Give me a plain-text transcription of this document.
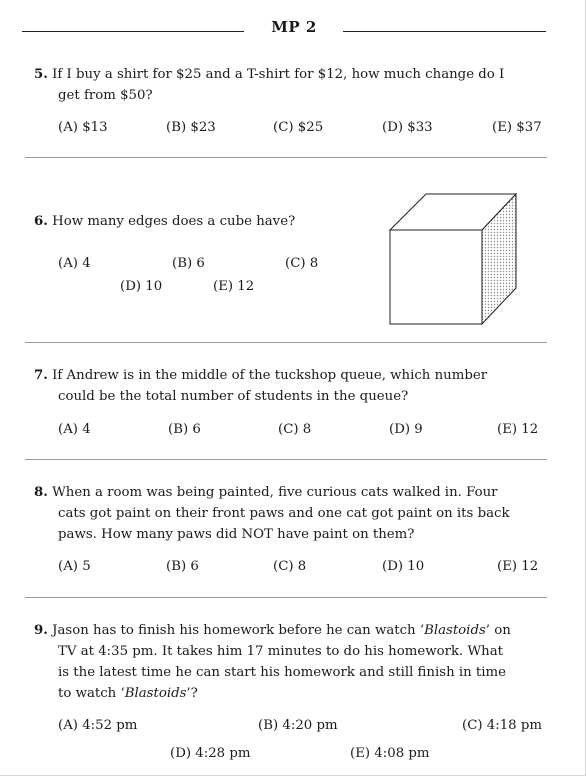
MP 2
5. If I buy a shirt for $25 and a T-shirt for $12, how much change do I
get from $50?
(A) $13	(B) $23	(C) $25	(D) $33	(E) $37
6. How many edges does a cube have?
(A) 4	(B) 6	(C) 8
(D) 10	(E) 12
7. If Andrew is in the middle of the tuckshop queue, which number
could be the total number of students in the queue?
(A) 4	(B) 6	(C) 8	(D) 9	(E) 12
8. When a room was being painted, five curious cats walked in. Four
cats got paint on their front paws and one cat got paint on its back
paws. How many paws did NOT have paint on them?
(A) 5	(B) 6	(C) 8	(D) 10	(E) 12
9. Jason has to finish his homework before he can watch ‘Blastoids’ on
TV at 4:35 pm. It takes him 17 minutes to do his homework. What
is the latest time he can start his homework and still finish in time
to watch ‘Blastoids’?
(A) 4:52 pm	(B) 4:20 pm	(C) 4:18 pm
(D) 4:28 pm	(E) 4:08 pm
